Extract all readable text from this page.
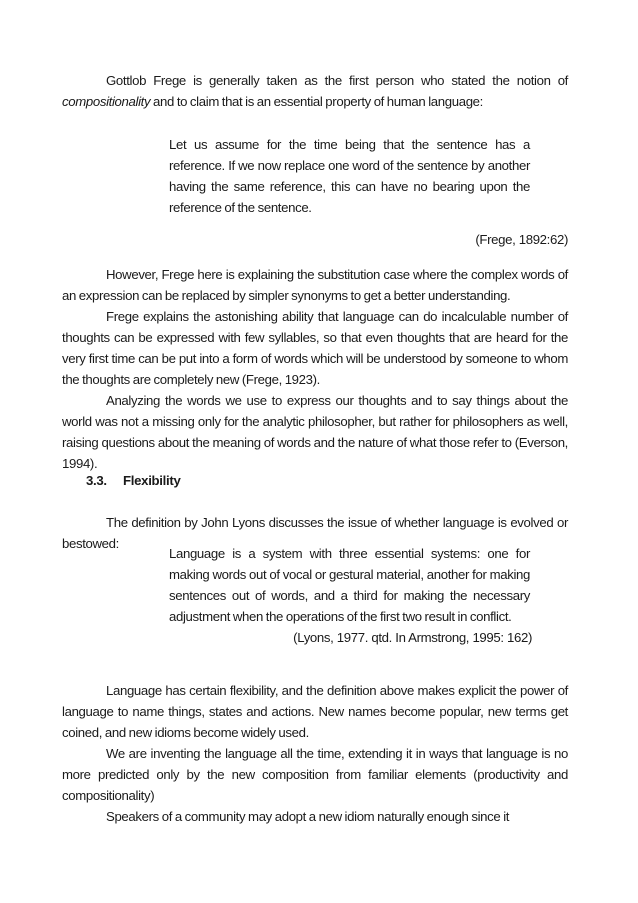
Gottlob Frege is generally taken as the first person who stated the notion of compositionality and to claim that is an essential property of human language:

Let us assume for the time being that the sentence has a reference. If we now replace one word of the sentence by another having the same reference, this can have no bearing upon the reference of the sentence.

(Frege, 1892:62)

However, Frege here is explaining the substitution case where the complex words of an expression can be replaced by simpler synonyms to get a better understanding.

Frege explains the astonishing ability that language can do incalculable number of thoughts can be expressed with few syllables, so that even thoughts that are heard for the very first time can be put into a form of words which will be understood by someone to whom the thoughts are completely new (Frege, 1923).

Analyzing the words we use to express our thoughts and to say things about the world was not a missing only for the analytic philosopher, but rather for philosophers as well, raising questions about the meaning of words and the nature of what those refer to (Everson, 1994).

3.3. Flexibility

The definition by John Lyons discusses the issue of whether language is evolved or bestowed:

Language is a system with three essential systems: one for making words out of vocal or gestural material, another for making sentences out of words, and a third for making the necessary adjustment when the operations of the first two result in conflict.

(Lyons, 1977. qtd. In Armstrong, 1995: 162)

Language has certain flexibility, and the definition above makes explicit the power of language to name things, states and actions. New names become popular, new terms get coined, and new idioms become widely used.

We are inventing the language all the time, extending it in ways that language is no more predicted only by the new composition from familiar elements (productivity and compositionality)

Speakers of a community may adopt a new idiom naturally enough since it
